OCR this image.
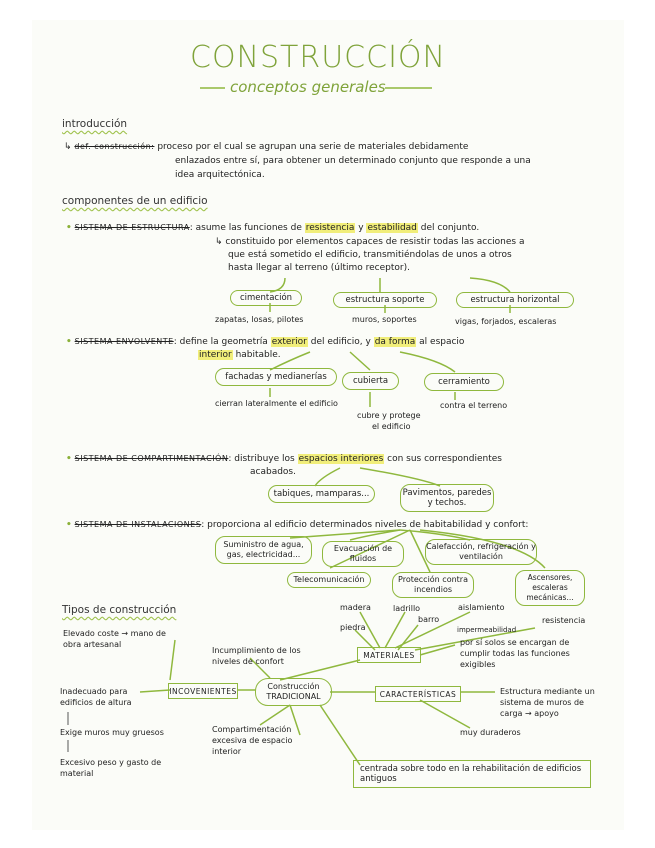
CONSTRUCCIÓN
conceptos generales
introducción
↳ def. construcción: proceso por el cual se agrupan una serie de materiales debidamente
enlazados entre sí, para obtener un determinado conjunto que responde a una
idea arquitectónica.
componentes de un edificio
• SISTEMA DE ESTRUCTURA: asume las funciones de resistencia y estabilidad del conjunto.
↳ constituido por elementos capaces de resistir todas las acciones a
que está sometido el edificio, transmitiéndolas de unos a otros
hasta llegar al terreno (último receptor).
cimentación	estructura soporte	estructura horizontal
zapatas, losas, pilotes	muros, soportes	vigas, forjados, escaleras
• SISTEMA ENVOLVENTE: define la geometría exterior del edificio, y da forma al espacio
interior habitable.
fachadas y medianerías	cubierta	cerramiento
cierran lateralmente el edificio
cubre y protege
el edificio
contra el terreno
• SISTEMA DE COMPARTIMENTACIÓN: distribuye los espacios interiores con sus correspondientes
acabados.
tabiques, mamparas...	Pavimentos, paredes y techos.
• SISTEMA DE INSTALACIONES: proporciona al edificio determinados niveles de habitabilidad y confort:
Suministro de agua, gas, electricidad...
Evacuación de fluidos
Calefacción, refrigeración y ventilación
Telecomunicación	Protección contra incendios
Ascensores, escaleras mecánicas...
Tipos de construcción	madera	ladrillo	aislamiento
piedra
barro
impermeabilidad
resistencia
por sí solos se encargan de cumplir todas las funciones exigibles
MATERIALES
Construcción TRADICIONAL
INCOVENIENTES	CARACTERÍSTICAS
Elevado coste → mano de obra artesanal
Incumplimiento de los niveles de confort
Inadecuado para edificios de altura
Exige muros muy gruesos
Excesivo peso y gasto de material
Compartimentación excesiva de espacio interior
Estructura mediante un sistema de muros de carga → apoyo
muy duraderos
centrada sobre todo en la rehabilitación de edificios antiguos
